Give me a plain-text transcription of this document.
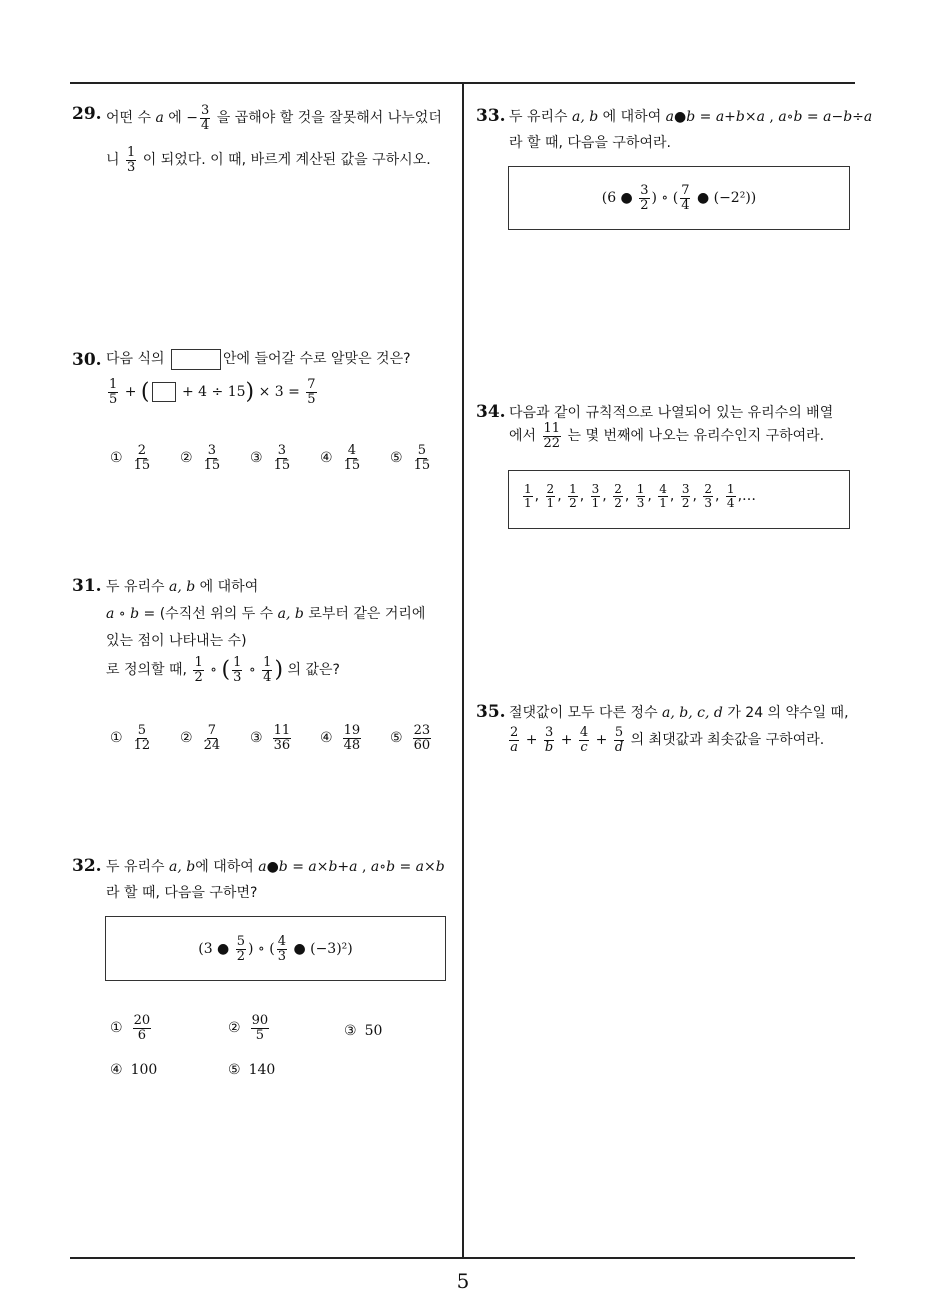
29. 어떤 수 a 에 − $\frac{3}{4}$ 을 곱해야 할 것을 잘못해서 나누었더
니 $\frac{1}{3}$ 이 되었다. 이 때, 바르게 계산된 값을 구하시오.
30. 다음 식의	안에 들어갈 수로 알맞은 것은?
$\frac{1}{5}$ + ( + $4 \div 15) \times 3 = \frac{7}{5}$
① $\frac{2}{15}$ ② $\frac{3}{15}$ ③ $\frac{3}{15}$ ④ $\frac{4}{15}$ ⑤ $\frac{5}{15}$
31. 두 유리수 a, b 에 대하여
a ∘ b = (수직선 위의 두 수 a, b 로부터 같은 거리에
있는 점이 나타내는 수)
로 정의할 때, $\frac{1}{2}$ ∘ ( $\frac{1}{3}$ ∘ $\frac{1}{4}$ ) 의 값은?
① $\frac{5}{12}$ ② $\frac{7}{24}$ ③ $\frac{11}{36}$ ④ $\frac{19}{48}$ ⑤ $\frac{23}{60}$
32. 두 유리수 a, b에 대하여 a●b = a×b+a , a∘b = a×b
라 할 때, 다음을 구하면?
(3 ● $\frac{5}{2}$ ) ∘ ( $\frac{4}{3}$ ● (−3)²)
① $\frac{20}{6}$	② $\frac{90}{5}$	③ 50
④ 100	⑤ 140
33. 두 유리수 a, b 에 대하여 a●b = a+b×a , a∘b = a−b÷a
라 할 때, 다음을 구하여라.
(6 ● $\frac{3}{2}$ ) ∘ ( $\frac{7}{4}$ ● (−2²))
34. 다음과 같이 규칙적으로 나열되어 있는 유리수의 배열
에서 $\frac{11}{22}$ 는 몇 번째에 나오는 유리수인지 구하여라.
$\frac{1}{1}$ , $\frac{2}{1}$ , $\frac{1}{2}$ , $\frac{3}{1}$ , $\frac{2}{2}$ , $\frac{1}{3}$ , $\frac{4}{1}$ , $\frac{3}{2}$ , $\frac{2}{3}$ , $\frac{1}{4}$ ,…
35. 절댓값이 모두 다른 정수 a, b, c, d 가 24 의 약수일 때,
$\frac{2}{a} + \frac{3}{b} + \frac{4}{c} + \frac{5}{d}$ 의 최댓값과 최솟값을 구하여라.
5
